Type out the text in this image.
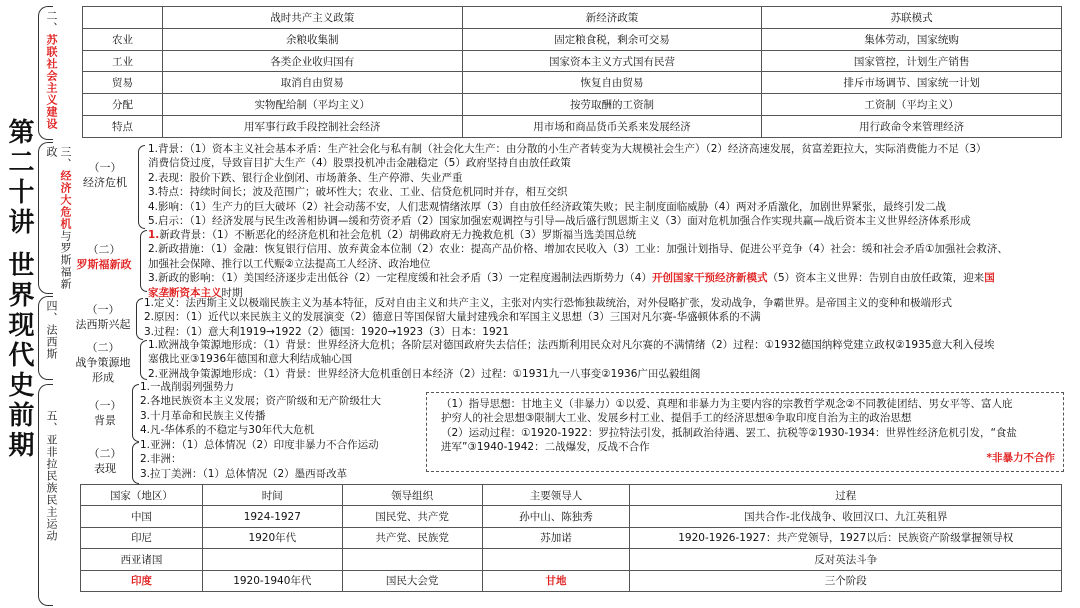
第二十讲 世界现代史前期
二、苏联社会主义建设
三、经济大危机与罗斯福新政
四、法西斯
五、亚非拉民族民主运动
	战时共产主义政策	新经济政策	苏联模式
农业	余粮收集制	固定粮食税，剩余可交易	集体劳动，国家统购
工业	各类企业收归国有	国家资本主义方式国有民营	国家管控，计划生产销售
贸易	取消自由贸易	恢复自由贸易	排斥市场调节、国家统一计划
分配	实物配给制（平均主义）	按劳取酬的工资制	工资制（平均主义）
特点	用军事行政手段控制社会经济	用市场和商品货币关系来发展经济	用行政命令来管理经济
（一）
经济危机
1.背景：（1）资本主义社会基本矛盾：生产社会化与私有制（社会化大生产：由分散的小生产者转变为大规模社会生产）（2）经济高速发展，贫富差距拉大，实际消费能力不足（3）
消费信贷过度，导致盲目扩大生产（4）股票投机冲击金融稳定（5）政府坚持自由放任政策
2.表现：股价下跌、银行企业倒闭、市场萧条、生产停滞、失业严重
3.特点：持续时间长；波及范围广；破坏性大；农业、工业、信贷危机同时并存，相互交织
4.影响：（1）生产力的巨大破坏（2）社会动荡不安，人们悲观情绪浓厚（3）自由放任经济政策失败；民主制度面临威胁（4）两对矛盾激化，加剧世界紧张，最终引发二战
5.启示：（1）经济发展与民生改善相协调—缓和劳资矛盾（2）国家加强宏观调控与引导—战后盛行凯恩斯主义（3）面对危机加强合作实现共赢—战后资本主义世界经济体系形成
（二）
罗斯福新政
1.新政背景：（1）不断恶化的经济危机和社会危机（2）胡佛政府无力挽救危机（3）罗斯福当选美国总统
2.新政措施：（1）金融：恢复银行信用、放弃黄金本位制（2）农业：提高产品价格、增加农民收入（3）工业：加强计划指导、促进公平竞争（4）社会：缓和社会矛盾①加强社会救济、
加强社会保障、推行以工代赈②立法提高工人经济、政治地位
3.新政的影响：（1）美国经济逐步走出低谷（2）一定程度缓和社会矛盾（3）一定程度遏制法西斯势力（4）开创国家干预经济新模式（5）资本主义世界：告别自由放任政策，迎来国
家垄断资本主义时期
（一）
法西斯兴起
1.定义：法西斯主义以极端民族主义为基本特征，反对自由主义和共产主义，主张对内实行恐怖独裁统治，对外侵略扩张，发动战争，争霸世界。是帝国主义的变种和极端形式
2.原因：（1）近代以来民族主义的发展演变（2）德意日等国保留大量封建残余和军国主义思想（3）三国对凡尔赛-华盛顿体系的不满
3.过程：（1）意大利1919→1922（2）德国：1920→1923（3）日本：1921
（二）
战争策源地
形成
1.欧洲战争策源地形成：（1）背景：世界经济大危机；各阶层对德国政府失去信任；法西斯利用民众对凡尔赛的不满情绪（2）过程：①1932德国纳粹党建立政权②1935意大利入侵埃
塞俄比亚③1936年德国和意大利结成轴心国
2.亚洲战争策源地形成：（1）背景：世界经济大危机重创日本经济（2）过程：①1931九一八事变②1936广田弘毅组阁
（一）
背景
1.一战削弱列强势力
2.各地民族资本主义发展；资产阶级和无产阶级壮大
3.十月革命和民族主义传播
4.凡-华体系的不稳定与30年代大危机
（二）
表现
1.亚洲：（1）总体情况（2）印度非暴力不合作运动
2.非洲：
3.拉丁美洲：（1）总体情况（2）墨西哥改革
（1）指导思想：甘地主义（非暴力）①以爱、真理和非暴力为主要内容的宗教哲学观念②不同教徒团结、男女平等、富人庇
护穷人的社会思想③限制大工业、发展乡村工业、提倡手工的经济思想④争取印度自治为主的政治思想
（2）运动过程：①1920-1922：罗拉特法引发，抵制政治待遇、罢工、抗税等②1930-1934：世界性经济危机引发，“食盐
进军”③1940-1942：二战爆发，反战不合作
*非暴力不合作
国家（地区）	时间	领导组织	主要领导人	过程
中国	1924-1927	国民党、共产党	孙中山、陈独秀	国共合作-北伐战争、收回汉口、九江英租界
印尼	1920年代	共产党、民族党	苏加诺	1920-1926-1927：共产党领导，1927以后：民族资产阶级掌握领导权
西亚诸国				反对英法斗争
印度	1920-1940年代	国民大会党	甘地	三个阶段
